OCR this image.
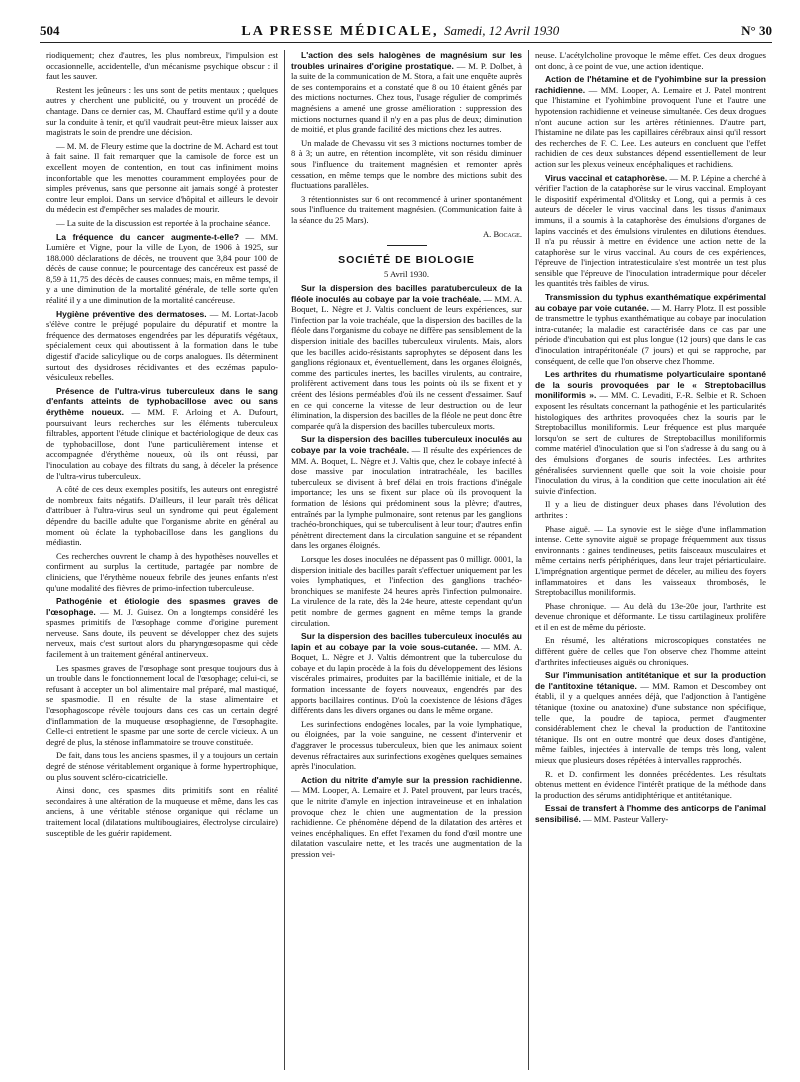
504	LA PRESSE MÉDICALE, Samedi, 12 Avril 1930	N° 30

riodiquement; chez d'autres, les plus nombreux, l'impulsion est occasionnelle, accidentelle, d'un mécanisme psychique obscur : il faut les sauver.

Restent les jeûneurs : les uns sont de petits mentaux ; quelques autres y cherchent une publicité, ou y trouvent un procédé de chantage. Dans ce dernier cas, M. Chauffard estime qu'il y a doute sur la conduite à tenir, et qu'il vaudrait peut-être mieux laisser aux magistrats le soin de prendre une décision.

— M. M. de Fleury estime que la doctrine de M. Achard est tout à fait saine. Il fait remarquer que la camisole de force est un excellent moyen de contention, en tout cas infiniment moins inconfortable que les menottes couramment employées pour de simples prévenus, sans que personne ait jamais songé à protester contre leur emploi. Dans un service d'hôpital et ailleurs le devoir du médecin est d'empêcher ses malades de mourir.

— La suite de la discussion est reportée à la prochaine séance.

La fréquence du cancer augmente-t-elle? — MM. Lumière et Vigne, pour la ville de Lyon, de 1906 à 1925, sur 188.000 déclarations de décès, ne trouvent que 3,84 pour 100 de décès de cause connue; le pourcentage des cancéreux est passé de 8,59 à 11,75 des décès de causes connues; mais, en même temps, il y a une diminution de la mortalité générale, de telle sorte qu'en réalité il y a une diminution de la mortalité cancéreuse.

Hygiène préventive des dermatoses. — M. Lortat-Jacob s'élève contre le préjugé populaire du dépuratif et montre la fréquence des dermatoses engendrées par les dépuratifs végétaux, spécialement ceux qui aboutissent à la formation dans le tube digestif d'acide salicylique ou de corps analogues. Ils déterminent surtout des dysidroses récidivantes et des eczémas papulo-vésiculeux rebelles.

Présence de l'ultra-virus tuberculeux dans le sang d'enfants atteints de typhobacillose avec ou sans érythème noueux. — MM. F. Arloing et A. Dufourt, poursuivant leurs recherches sur les éléments tuberculeux filtrables, apportent l'étude clinique et bactériologique de deux cas de typhobacillose, dont l'une particulièrement intense et accompagnée d'érythème noueux, où ils ont réussi, par l'inoculation au cobaye des filtrats du sang, à déceler la présence de l'ultra-virus tuberculeux.

A côté de ces deux exemples positifs, les auteurs ont enregistré de nombreux faits négatifs. D'ailleurs, il leur paraît très délicat d'attribuer à l'ultra-virus seul un syndrome qui peut également dépendre du bacille adulte que l'organisme abrite en général au moment où éclate la typhobacillose dans les ganglions du médiastin.

Ces recherches ouvrent le champ à des hypothèses nouvelles et confirment au surplus la certitude, partagée par nombre de cliniciens, que l'érythème noueux febrile des jeunes enfants n'est qu'une modalité des fièvres de primo-infection tuberculeuse.

Pathogénie et étiologie des spasmes graves de l'œsophage. — M. J. Guisez. On a longtemps considéré les spasmes primitifs de l'œsophage comme d'origine purement nerveuse. Sans doute, ils peuvent se développer chez des sujets nerveux, mais c'est surtout alors du pharyngœsopasme qui cède facilement à un traitement général antinerveux.

Les spasmes graves de l'œsophage sont presque toujours dus à un trouble dans le fonctionnement local de l'œsophage; celui-ci, se refusant à accepter un bol alimentaire mal préparé, mal mastiqué, se spasmodie. Il en résulte de la stase alimentaire et l'œsophagoscope révèle toujours dans ces cas un certain degré d'inflammation de la muqueuse œsophagienne, de l'œsophagite. Celle-ci entretient le spasme par une sorte de cercle vicieux. A un degré de plus, la sténose inflammatoire se trouve constituée.

De fait, dans tous les anciens spasmes, il y a toujours un certain degré de sténose véritablement organique à forme hypertrophique, ou plus souvent scléro-cicatricielle.

Ainsi donc, ces spasmes dits primitifs sont en réalité secondaires à une altération de la muqueuse et même, dans les cas anciens, à une véritable sténose organique qui réclame un traitement local (dilatations multibougiaires, électrolyse circulaire) susceptible de les guérir rapidement.

L'action des sels halogènes de magnésium sur les troubles urinaires d'origine prostatique. — M. P. Dolbet, à la suite de la communication de M. Stora, a fait une enquête auprès de ses contemporains et a constaté que 8 ou 10 étaient gênés par des mictions nocturnes. Chez tous, l'usage régulier de comprimés magnésiens a amené une grosse amélioration : suppression des mictions nocturnes quand il n'y en a pas plus de deux; diminution de moitié, et plus grande facilité des mictions chez les autres.

Un malade de Chevassu vit ses 3 mictions nocturnes tomber de 8 à 3; un autre, en rétention incomplète, vit son résidu diminuer sous l'influence du traitement magnésien et remonter après cessation, en même temps que le nombre des mictions subit des fluctuations parallèles.

3 rétentionnistes sur 6 ont recommencé à uriner spontanément sous l'influence du traitement magnésien. (Communication faite à la séance du 25 Mars).

A. Bocage.

SOCIÉTÉ DE BIOLOGIE
5 Avril 1930.

Sur la dispersion des bacilles paratuberculeux de la fléole inoculés au cobaye par la voie trachéale. — MM. A. Boquet, L. Nègre et J. Valtis concluent de leurs expériences, sur l'infection par la voie trachéale, que la dispersion des bacilles de la fléole dans l'organisme du cobaye ne diffère pas sensiblement de la dispersion initiale des bacilles tuberculeux virulents. Mais, alors que les bacilles acido-résistants saprophytes se déposent dans les ganglions régionaux et, éventuellement, dans les organes éloignés, comme des particules inertes, les bacilles virulents, au contraire, prolifèrent activement dans tous les points où ils se fixent et y créent des lésions perméables d'où ils ne cessent d'essaimer. Sauf en ce qui concerne la vitesse de leur destruction ou de leur élimination, la dispersion des bacilles de la fléole ne peut donc être comparée qu'à la dispersion des bacilles tuberculeux morts.

Sur la dispersion des bacilles tuberculeux inoculés au cobaye par la voie trachéale. — Il résulte des expériences de MM. A. Boquet, L. Nègre et J. Valtis que, chez le cobaye infecté à dose massive par inoculation intratrachéale, les bacilles tuberculeux se divisent à bref délai en trois fractions d'inégale importance; les uns se fixent sur place où ils provoquent la formation de lésions qui prédominent sous la plèvre; d'autres, entraînés par la lymphe pulmonaire, sont retenus par les ganglions trachéo-bronchiques, qui se tuberculisent à leur tour; d'autres enfin pénètrent directement dans la circulation sanguine et se répandent dans les organes éloignés.

Lorsque les doses inoculées ne dépassent pas 0 milligr. 0001, la dispersion initiale des bacilles paraît s'effectuer uniquement par les voies lymphatiques, et l'infection des ganglions trachéo-bronchiques se manifeste 24 heures après l'infection pulmonaire. La virulence de la rate, dès la 24e heure, atteste cependant qu'un petit nombre de germes gagnent en même temps la grande circulation.

Sur la dispersion des bacilles tuberculeux inoculés au lapin et au cobaye par la voie sous-cutanée. — MM. A. Boquet, L. Nègre et J. Valtis démontrent que la tuberculose du cobaye et du lapin procède à la fois du développement des lésions viscérales primaires, produites par la bacillémie initiale, et de la formation incessante de foyers nouveaux, engendrés par des apports bacillaires continus. D'où la coexistence de lésions d'âges différents dans les divers organes ou dans le même organe.

Les surinfections endogènes locales, par la voie lymphatique, ou éloignées, par la voie sanguine, ne cessent d'intervenir et d'aggraver le processus tuberculeux, bien que les animaux soient devenus réfractaires aux surinfections exogènes quelques semaines après l'inoculation.

Action du nitrite d'amyle sur la pression rachidienne. — MM. Looper, A. Lemaire et J. Patel prouvent, par leurs tracés, que le nitrite d'amyle en injection intraveineuse et en inhalation provoque chez le chien une augmentation de la pression rachidienne. Ce phénomène dépend de la dilatation des artères et veines encéphaliques. En effet l'examen du fond d'œil montre une dilatation vasculaire nette, et les tracés une augmentation de la pression vei-

neuse. L'acétylcholine provoque le même effet. Ces deux drogues ont donc, à ce point de vue, une action identique.

Action de l'hétamine et de l'yohimbine sur la pression rachidienne. — MM. Looper, A. Lemaire et J. Patel montrent que l'histamine et l'yohimbine provoquent l'une et l'autre une hypotension rachidienne et veineuse simultanée. Ces deux drogues n'ont aucune action sur les artères rétiniennes. D'autre part, l'histamine ne dilate pas les capillaires cérébraux ainsi qu'il ressort des recherches de F. C. Lee. Les auteurs en concluent que l'effet rachidien de ces deux substances dépend essentiellement de leur action sur les plexus veineux encéphaliques et rachidiens.

Virus vaccinal et cataphorèse. — M. P. Lépine a cherché à vérifier l'action de la cataphorèse sur le virus vaccinal. Employant le dispositif expérimental d'Olitsky et Long, qui a permis à ces auteurs de déceler le virus vaccinal dans les tissus d'animaux immuns, il a soumis à la cataphorèse des émulsions d'organes de lapins vaccinés et des émulsions virulentes en dilutions étendues. Il n'a pu réussir à mettre en évidence une action nette de la cataphorèse sur le virus vaccinal. Au cours de ces expériences, l'épreuve de l'injection intratesticulaire s'est montrée un test plus sensible que l'épreuve de l'inoculation intradermique pour déceler les quantités très faibles de virus.

Transmission du typhus exanthématique expérimental au cobaye par voie cutanée. — M. Harry Plotz. Il est possible de transmettre le typhus exanthématique au cobaye par inoculation intra-cutanée; la maladie est caractérisée dans ce cas par une période d'incubation qui est plus longue (12 jours) que dans le cas d'inoculation intrapéritonéale (7 jours) et qui se rapproche, par conséquent, de celle que l'on observe chez l'homme.

Les arthrites du rhumatisme polyarticulaire spontané de la souris provoquées par le « Streptobacillus moniliformis ». — MM. C. Levaditi, F.-R. Selbie et R. Schoen exposent les résultats concernant la pathogénie et les particularités histologiques des arthrites provoquées chez la souris par le Streptobacillus moniliformis. Leur fréquence est plus marquée lorsqu'on se sert de cultures de Streptobacillus moniliformis comme matériel d'inoculation que si l'on s'adresse à du sang ou à des émulsions d'organes de souris infectées. Les arthrites généralisées surviennent quelle que soit la voie choisie pour l'inoculation du virus, à la condition que cette inoculation ait été suivie d'infection.

Il y a lieu de distinguer deux phases dans l'évolution des arthrites :

Phase aiguë. — La synovie est le siège d'une inflammation intense. Cette synovite aiguë se propage fréquemment aux tissus environnants : gaines tendineuses, petits faisceaux musculaires et même certains nerfs périphériques, dans leur trajet périarticulaire. L'imprégnation argentique permet de déceler, au milieu des foyers inflammatoires et dans les vaisseaux thrombosés, le Streptobacillus moniliformis.

Phase chronique. — Au delà du 13e-20e jour, l'arthrite est devenue chronique et déformante. Le tissu cartilagineux prolifère et il en est de même du périoste.

En résumé, les altérations microscopiques constatées ne diffèrent guère de celles que l'on observe chez l'homme atteint d'arthrites infectieuses aiguës ou chroniques.

Sur l'immunisation antitétanique et sur la production de l'antitoxine tétanique. — MM. Ramon et Descombey ont établi, il y a quelques années déjà, que l'adjonction à l'antigène tétanique (toxine ou anatoxine) d'une substance non spécifique, telle que, la poudre de tapioca, permet d'augmenter considérablement chez le cheval la production de l'antitoxine tétanique. Ils ont en outre montré que deux doses d'antigène, même faibles, injectées à intervalle de temps très long, valent mieux que plusieurs doses répétées à intervalles rapprochés.

R. et D. confirment les données précédentes. Les résultats obtenus mettent en évidence l'intérêt pratique de la méthode dans la production des sérums antidiphtérique et antitétanique.

Essai de transfert à l'homme des anticorps de l'animal sensibilisé. — MM. Pasteur Vallery-
